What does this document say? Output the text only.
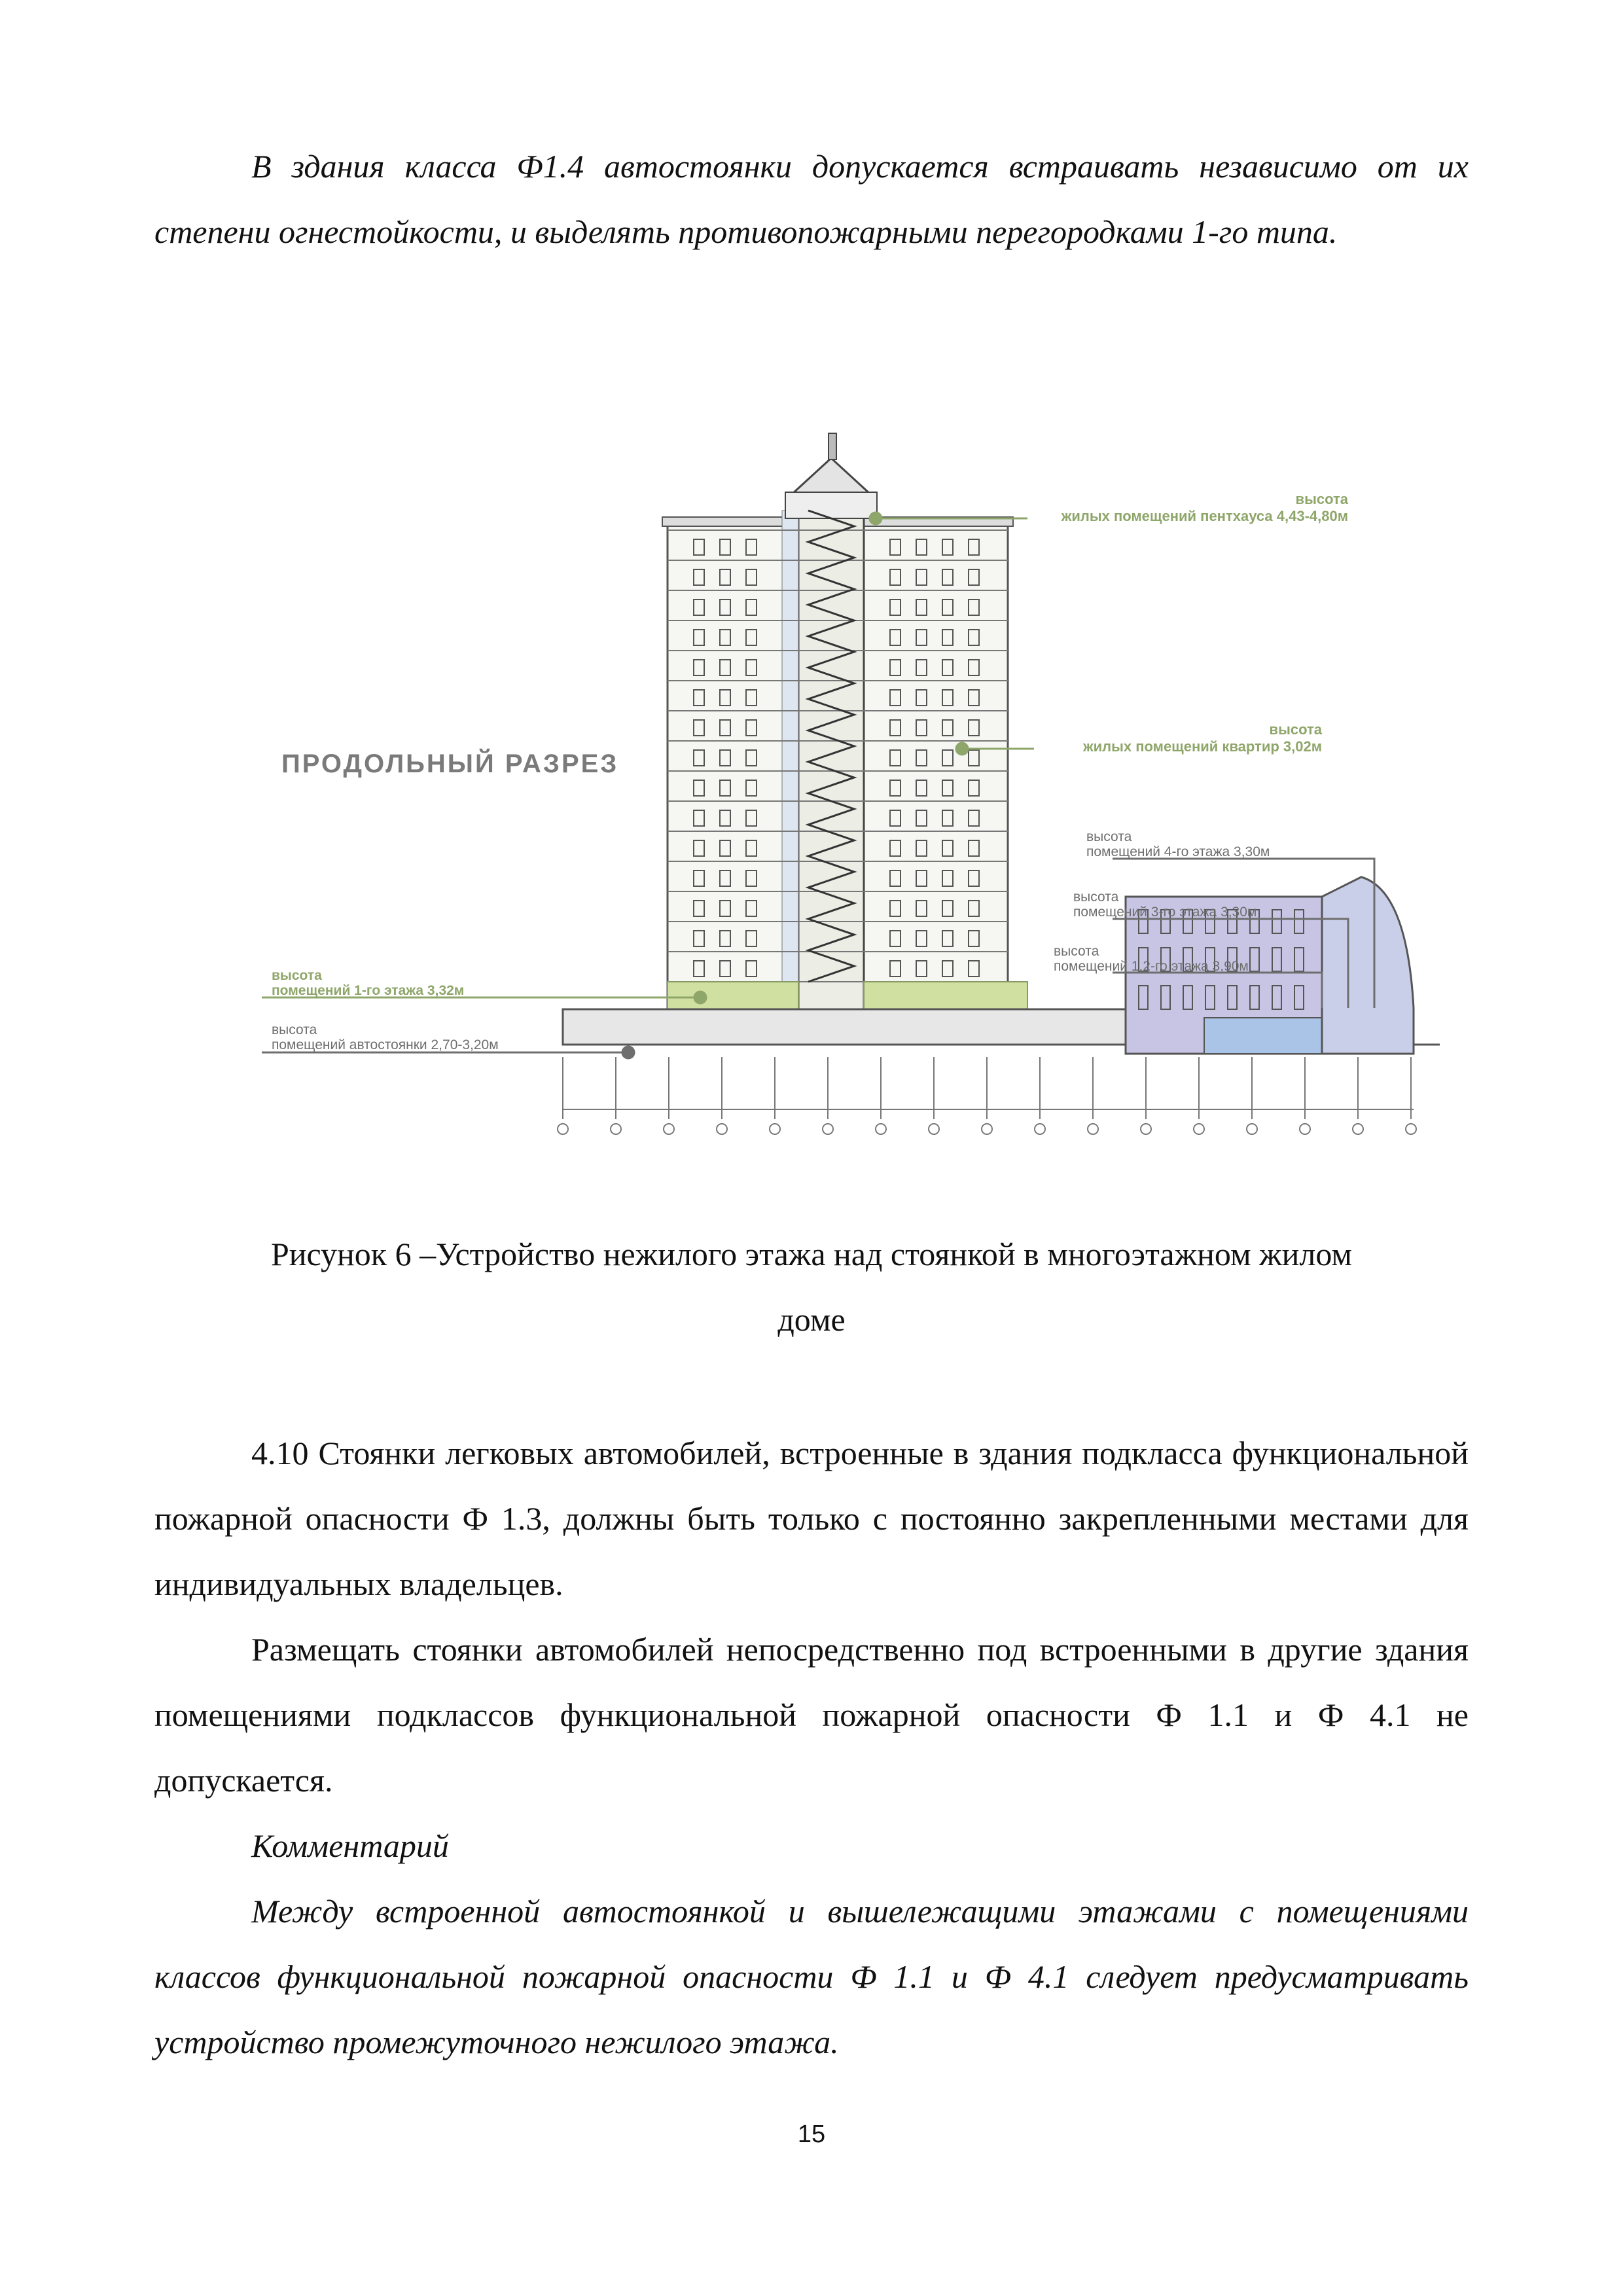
В здания класса Ф1.4 автостоянки допускается встраивать независимо от их степени огнестойкости, и выделять противопожарными перегородками 1-го типа.

ПРОДОЛЬНЫЙ РАЗРЕЗ
высота
жилых помещений пентхауса 4,43-4,80м
высота
жилых помещений квартир 3,02м
высота
помещений 4-го этажа 3,30м
высота
помещений 3-го этажа 3,30м
высота
помещений 1,2-го этажа 3,90м
высота
помещений 1-го этажа 3,32м
высота
помещений автостоянки 2,70-3,20м

Рисунок 6 –Устройство нежилого этажа над стоянкой в многоэтажном жилом

доме

4.10 Стоянки легковых автомобилей, встроенные в здания подкласса функциональной пожарной опасности Ф 1.3, должны быть только с постоянно закрепленными местами для индивидуальных владельцев.

Размещать стоянки автомобилей непосредственно под встроенными в другие здания помещениями подклассов функциональной пожарной опасности Ф 1.1 и Ф 4.1 не допускается.

Комментарий

Между встроенной автостоянкой и вышележащими этажами с помещениями классов функциональной пожарной опасности Ф 1.1 и Ф 4.1 следует предусматривать устройство промежуточного нежилого этажа.

15
